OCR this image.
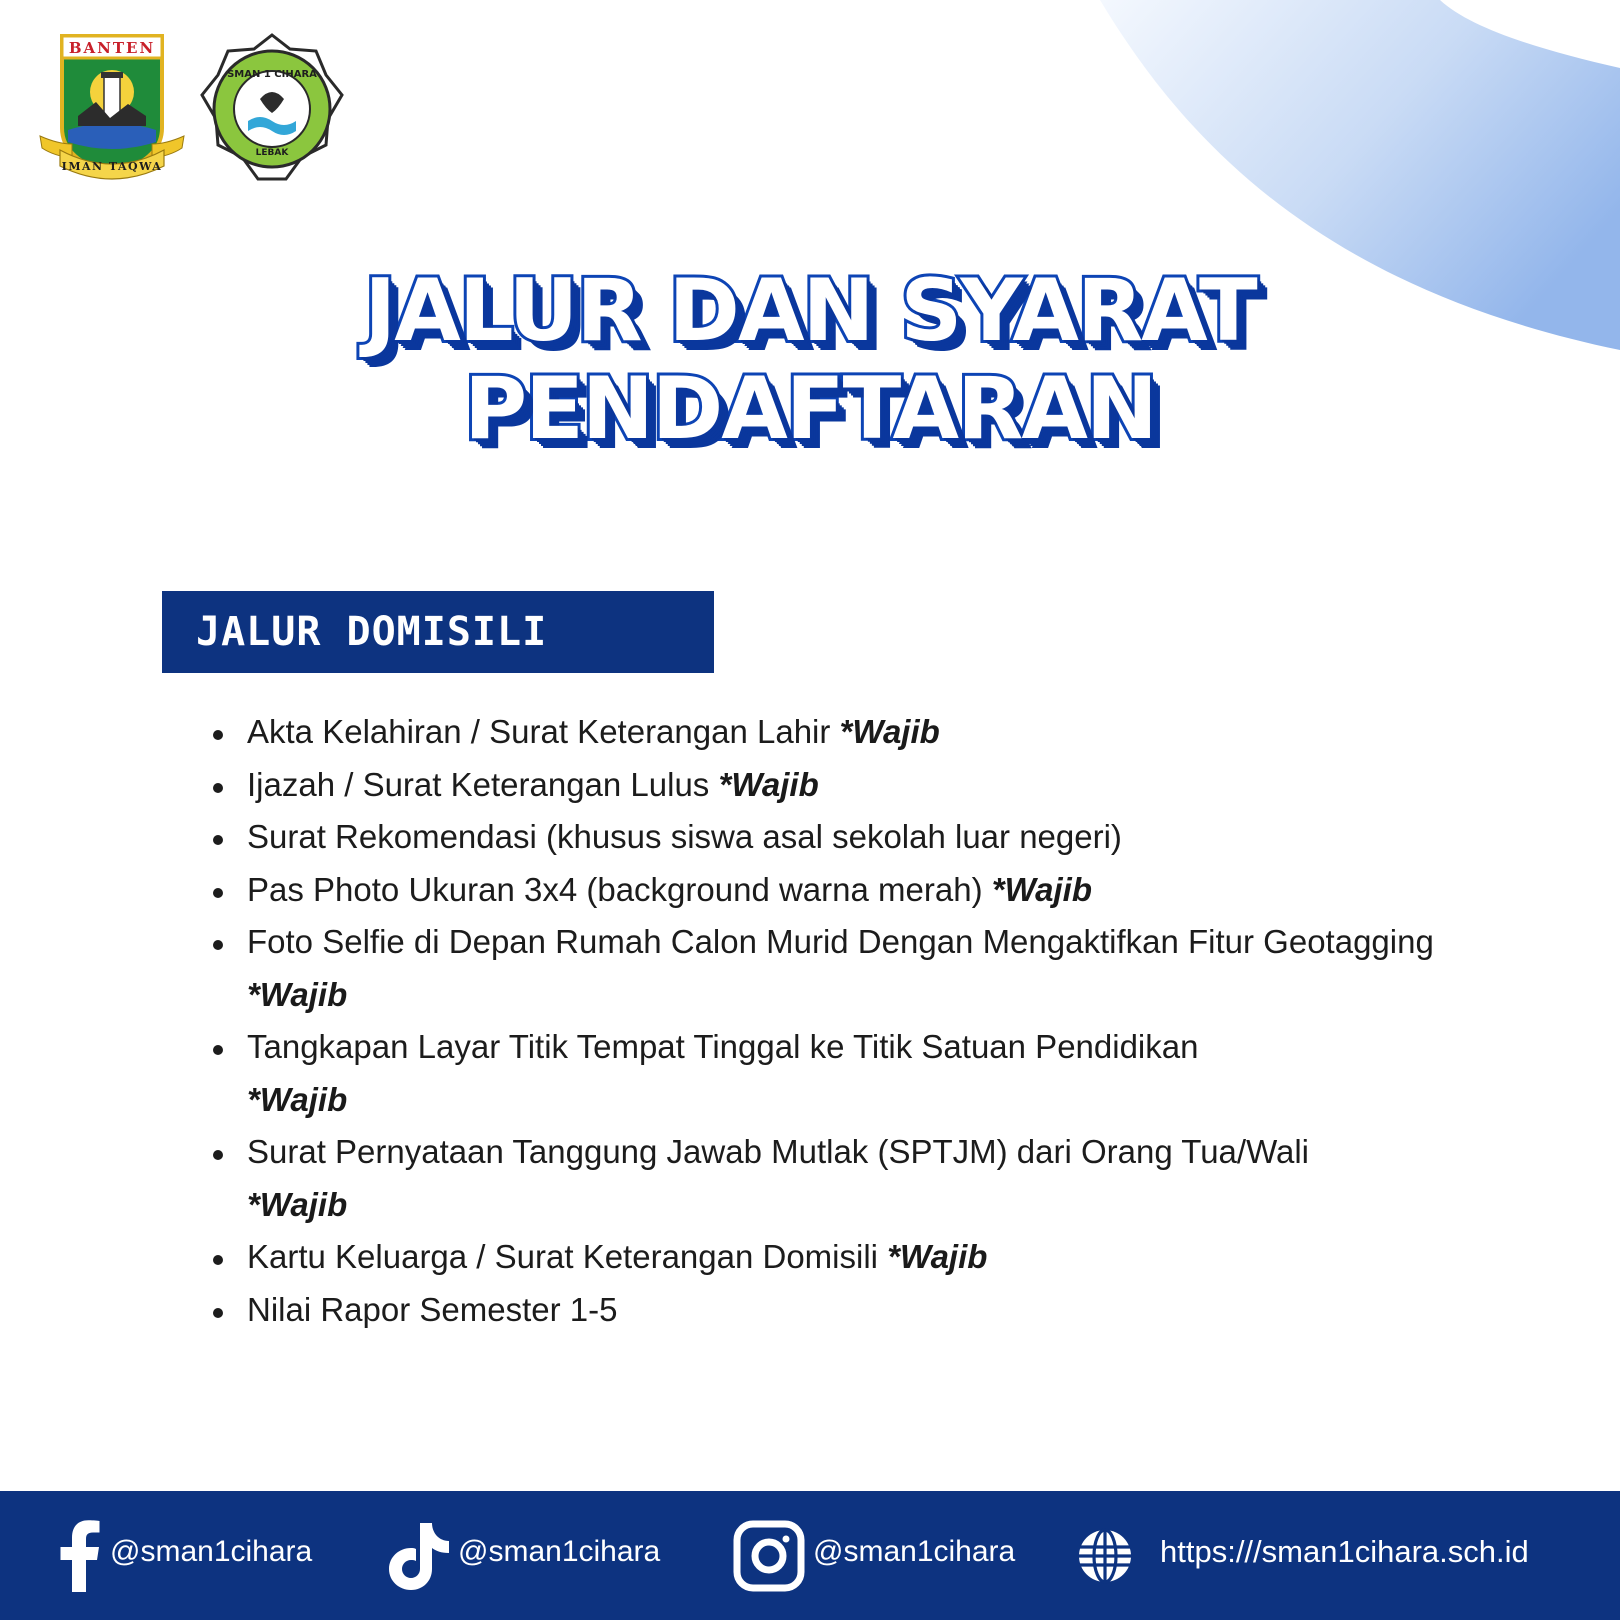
BANTEN
IMAN TAQWA
SMAN 1 CIHARA
LEBAK
JALUR DAN SYARAT
PENDAFTARAN
JALUR DOMISILI
Akta Kelahiran / Surat Keterangan Lahir *Wajib
Ijazah / Surat Keterangan Lulus *Wajib
Surat Rekomendasi (khusus siswa asal sekolah luar negeri)
Pas Photo Ukuran 3x4 (background warna merah) *Wajib
Foto Selfie di Depan Rumah Calon Murid Dengan Mengaktifkan Fitur Geotagging *Wajib
Tangkapan Layar Titik Tempat Tinggal ke Titik Satuan Pendidikan
*Wajib
Surat Pernyataan Tanggung Jawab Mutlak (SPTJM) dari Orang Tua/Wali
*Wajib
Kartu Keluarga / Surat Keterangan Domisili *Wajib
Nilai Rapor Semester 1-5
@sman1cihara	@sman1cihara	@sman1cihara	https:///sman1cihara.sch.id
